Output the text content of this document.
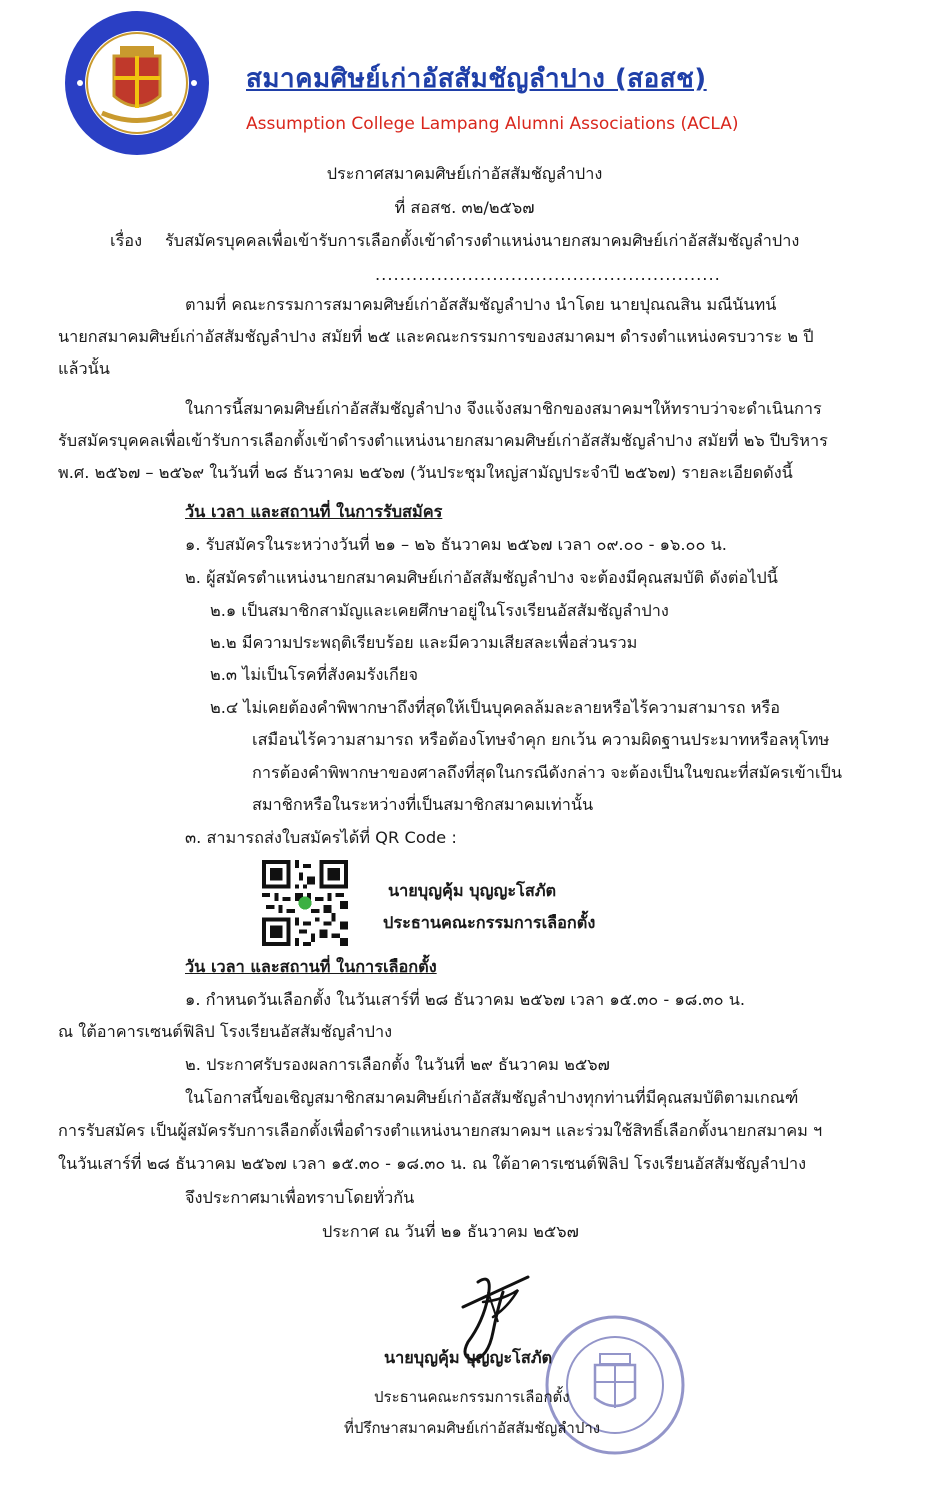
สมาคมศิษย์เก่าอัสสัมชัญลำปาง (สอสช)
Assumption College Lampang Alumni Associations (ACLA)
ประกาศสมาคมศิษย์เก่าอัสสัมชัญลำปาง
ที่ สอสช. ๓๒/๒๕๖๗
เรื่อง รับสมัครบุคคลเพื่อเข้ารับการเลือกตั้งเข้าดำรงตำแหน่งนายกสมาคมศิษย์เก่าอัสสัมชัญลำปาง
........................................................
ตามที่ คณะกรรมการสมาคมศิษย์เก่าอัสสัมชัญลำปาง นำโดย นายปุณณสิน มณีนันทน์
นายกสมาคมศิษย์เก่าอัสสัมชัญลำปาง สมัยที่ ๒๕ และคณะกรรมการของสมาคมฯ ดำรงตำแหน่งครบวาระ ๒ ปี
แล้วนั้น
ในการนี้สมาคมศิษย์เก่าอัสสัมชัญลำปาง จึงแจ้งสมาชิกของสมาคมฯให้ทราบว่าจะดำเนินการ
รับสมัครบุคคลเพื่อเข้ารับการเลือกตั้งเข้าดำรงตำแหน่งนายกสมาคมศิษย์เก่าอัสสัมชัญลำปาง สมัยที่ ๒๖ ปีบริหาร
พ.ศ. ๒๕๖๗ – ๒๕๖๙ ในวันที่ ๒๘ ธันวาคม ๒๕๖๗ (วันประชุมใหญ่สามัญประจำปี ๒๕๖๗) รายละเอียดดังนี้
วัน เวลา และสถานที่ ในการรับสมัคร
๑. รับสมัครในระหว่างวันที่ ๒๑ – ๒๖ ธันวาคม ๒๕๖๗ เวลา ๐๙.๐๐ - ๑๖.๐๐ น.
๒. ผู้สมัครตำแหน่งนายกสมาคมศิษย์เก่าอัสสัมชัญลำปาง จะต้องมีคุณสมบัติ ดังต่อไปนี้
๒.๑ เป็นสมาชิกสามัญและเคยศึกษาอยู่ในโรงเรียนอัสสัมชัญลำปาง
๒.๒ มีความประพฤติเรียบร้อย และมีความเสียสละเพื่อส่วนรวม
๒.๓ ไม่เป็นโรคที่สังคมรังเกียจ
๒.๔ ไม่เคยต้องคำพิพากษาถึงที่สุดให้เป็นบุคคลล้มละลายหรือไร้ความสามารถ หรือ
เสมือนไร้ความสามารถ หรือต้องโทษจำคุก ยกเว้น ความผิดฐานประมาทหรือลหุโทษ
การต้องคำพิพากษาของศาลถึงที่สุดในกรณีดังกล่าว จะต้องเป็นในขณะที่สมัครเข้าเป็น
สมาชิกหรือในระหว่างที่เป็นสมาชิกสมาคมเท่านั้น
๓. สามารถส่งใบสมัครได้ที่ QR Code :
นายบุญคุ้ม บุญญะโสภัต
ประธานคณะกรรมการเลือกตั้ง
วัน เวลา และสถานที่ ในการเลือกตั้ง
๑. กำหนดวันเลือกตั้ง ในวันเสาร์ที่ ๒๘ ธันวาคม ๒๕๖๗ เวลา ๑๕.๓๐ - ๑๘.๓๐ น.
ณ ใต้อาคารเซนต์ฟิลิป โรงเรียนอัสสัมชัญลำปาง
๒. ประกาศรับรองผลการเลือกตั้ง ในวันที่ ๒๙ ธันวาคม ๒๕๖๗
ในโอกาสนี้ขอเชิญสมาชิกสมาคมศิษย์เก่าอัสสัมชัญลำปางทุกท่านที่มีคุณสมบัติตามเกณฑ์
การรับสมัคร เป็นผู้สมัครรับการเลือกตั้งเพื่อดำรงตำแหน่งนายกสมาคมฯ และร่วมใช้สิทธิ์เลือกตั้งนายกสมาคม ฯ
ในวันเสาร์ที่ ๒๘ ธันวาคม ๒๕๖๗ เวลา ๑๕.๓๐ - ๑๘.๓๐ น. ณ ใต้อาคารเซนต์ฟิลิป โรงเรียนอัสสัมชัญลำปาง
จึงประกาศมาเพื่อทราบโดยทั่วกัน
ประกาศ ณ วันที่ ๒๑ ธันวาคม ๒๕๖๗
นายบุญคุ้ม บุญญะโสภัต
ประธานคณะกรรมการเลือกตั้ง
ที่ปรึกษาสมาคมศิษย์เก่าอัสสัมชัญลำปาง
